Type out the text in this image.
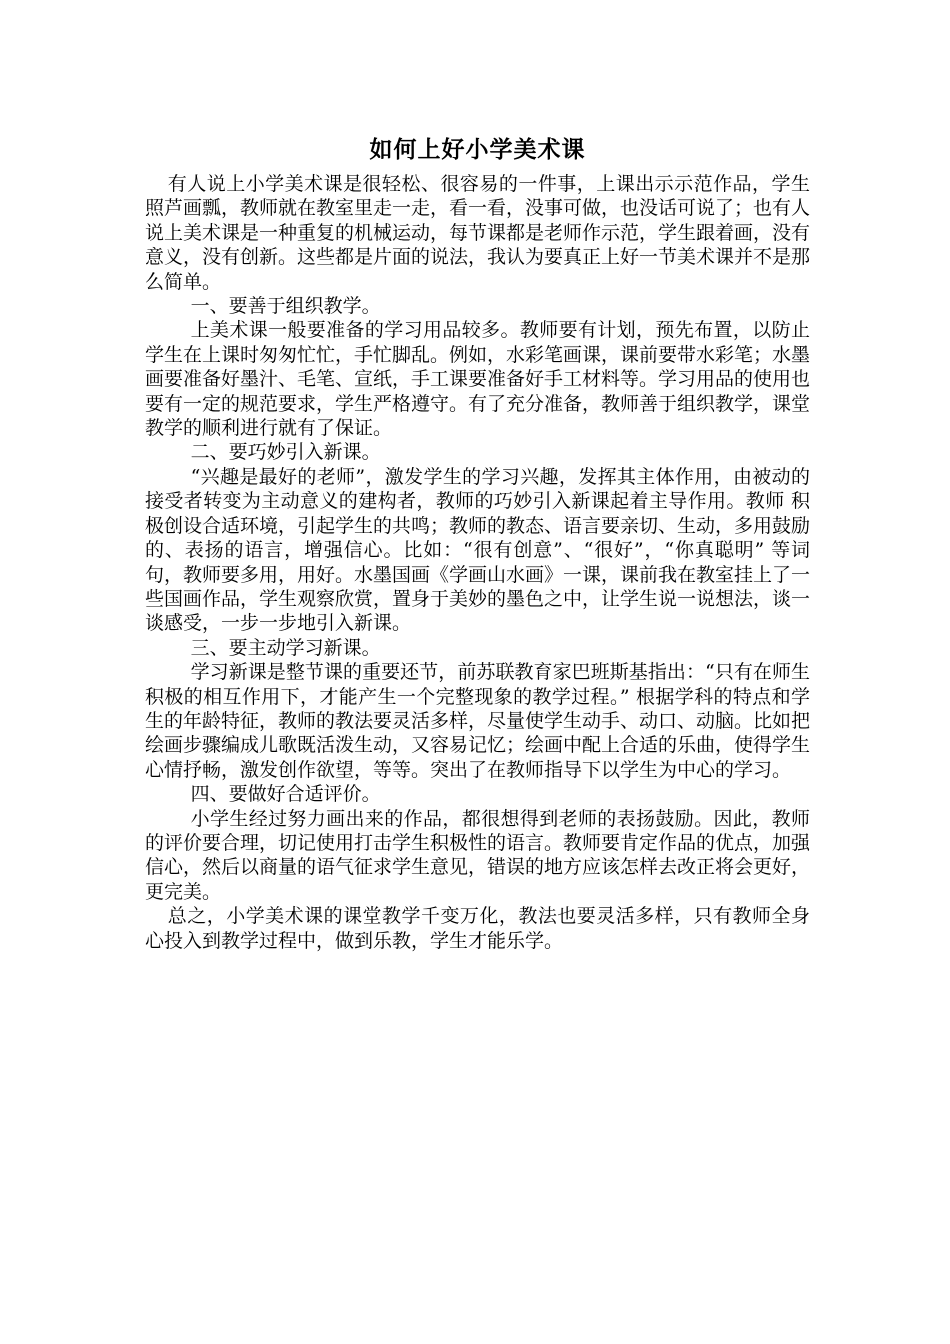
如何上好小学美术课

有人说上小学美术课是很轻松、很容易的一件事，上课出示示范作品，学生照芦画瓢，教师就在教室里走一走，看一看，没事可做，也没话可说了；也有人说上美术课是一种重复的机械运动，每节课都是老师作示范，学生跟着画，没有意义，没有创新。这些都是片面的说法，我认为要真正上好一节美术课并不是那么简单。

一、要善于组织教学。

上美术课一般要准备的学习用品较多。教师要有计划，预先布置，以防止学生在上课时匆匆忙忙，手忙脚乱。例如，水彩笔画课，课前要带水彩笔；水墨画要准备好墨汁、毛笔、宣纸，手工课要准备好手工材料等。学习用品的使用也要有一定的规范要求，学生严格遵守。有了充分准备，教师善于组织教学，课堂教学的顺利进行就有了保证。

二、要巧妙引入新课。

“兴趣是最好的老师”，激发学生的学习兴趣，发挥其主体作用，由被动的接受者转变为主动意义的建构者，教师的巧妙引入新课起着主导作用。教师 积极创设合适环境，引起学生的共鸣；教师的教态、语言要亲切、生动，多用鼓励的、表扬的语言，增强信心。比如：“很有创意”、“很好”，“你真聪明” 等词句，教师要多用，用好。水墨国画《学画山水画》一课，课前我在教室挂上了一些国画作品，学生观察欣赏，置身于美妙的墨色之中，让学生说一说想法，谈一谈感受，一步一步地引入新课。

三、要主动学习新课。

学习新课是整节课的重要还节，前苏联教育家巴班斯基指出：“只有在师生积极的相互作用下，才能产生一个完整现象的教学过程。” 根据学科的特点和学生的年龄特征，教师的教法要灵活多样，尽量使学生动手、动口、动脑。比如把绘画步骤编成儿歌既活泼生动，又容易记忆；绘画中配上合适的乐曲，使得学生心情抒畅，激发创作欲望，等等。突出了在教师指导下以学生为中心的学习。

四、要做好合适评价。

小学生经过努力画出来的作品，都很想得到老师的表扬鼓励。因此，教师的评价要合理，切记使用打击学生积极性的语言。教师要肯定作品的优点，加强信心，然后以商量的语气征求学生意见，错误的地方应该怎样去改正将会更好，更完美。

总之，小学美术课的课堂教学千变万化，教法也要灵活多样，只有教师全身心投入到教学过程中，做到乐教，学生才能乐学。
